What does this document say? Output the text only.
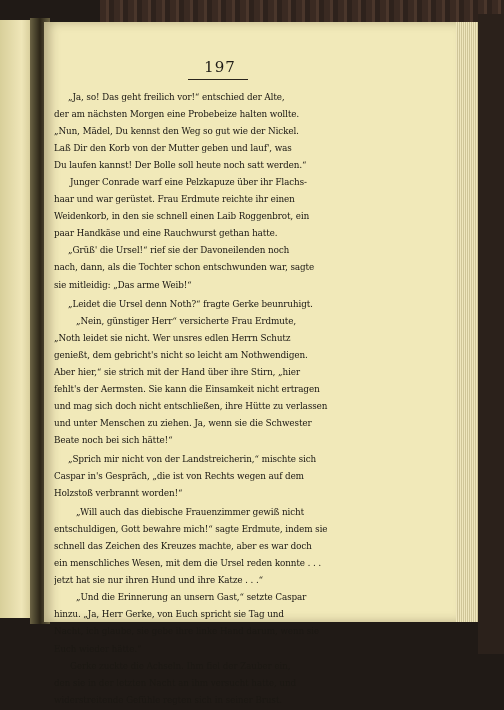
197
„Ja, so! Das geht freilich vor!“ entschied der Alte,
der am nächsten Morgen eine Probebeize halten wollte.
„Nun, Mädel, Du kennst den Weg so gut wie der Nickel.
Laß Dir den Korb von der Mutter geben und lauf', was
Du laufen kannst! Der Bolle soll heute noch satt werden.“
Junger Conrade warf eine Pelzkapuze über ihr Flachs-
haar und war gerüstet. Frau Erdmute reichte ihr einen
Weidenkorb, in den sie schnell einen Laib Roggenbrot, ein
paar Handkäse und eine Rauchwurst gethan hatte.
„Grüß' die Ursel!“ rief sie der Davoneilenden noch
nach, dann, als die Tochter schon entschwunden war, sagte
sie mitleidig: „Das arme Weib!“
„Leidet die Ursel denn Noth?“ fragte Gerke beunruhigt.
„Nein, günstiger Herr“ versicherte Frau Erdmute,
„Noth leidet sie nicht. Wer unsres edlen Herrn Schutz
genießt, dem gebricht's nicht so leicht am Nothwendigen.
Aber hier,“ sie strich mit der Hand über ihre Stirn, „hier
fehlt's der Aermsten. Sie kann die Einsamkeit nicht ertragen
und mag sich doch nicht entschließen, ihre Hütte zu verlassen
und unter Menschen zu ziehen. Ja, wenn sie die Schwester
Beate noch bei sich hätte!“
„Sprich mir nicht von der Landstreicherin,“ mischte sich
Caspar in's Gespräch, „die ist von Rechts wegen auf dem
Holzstoß verbrannt worden!“
„Will auch das diebische Frauenzimmer gewiß nicht
entschuldigen, Gott bewahre mich!“ sagte Erdmute, indem sie
schnell das Zeichen des Kreuzes machte, aber es war doch
ein menschliches Wesen, mit dem die Ursel reden konnte . . .
jetzt hat sie nur ihren Hund und ihre Katze . . .“
„Und die Erinnerung an unsern Gast,“ setzte Caspar
hinzu. „Ja, Herr Gerke, von Euch spricht sie Tag und
Nacht, ich glaube, sie gebe ihre linke Hand darum, wenn sie
Euch wieder hätte.“
Gerke zuckte die Achseln. Ihm fiel der Zauber ein,
den sie in der letzten Nacht an ihm versucht hatte, und
widerstreitende Gefühle regten sich in seiner Brust.
